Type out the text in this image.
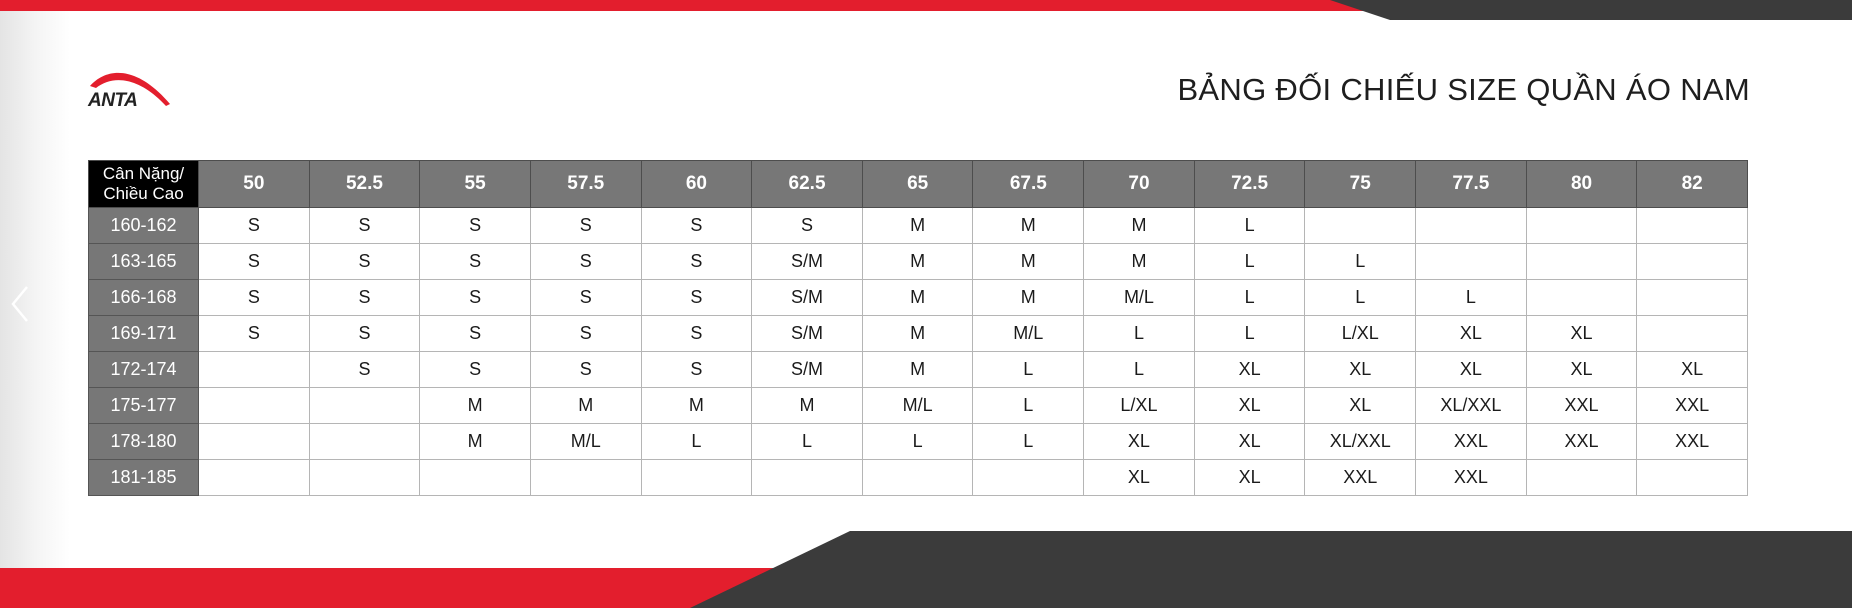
ANTA	BẢNG ĐỐI CHIẾU SIZE QUẦN ÁO NAM
Cân Nặng/
Chiều Cao	50	52.5	55	57.5	60	62.5	65	67.5	70	72.5	75	77.5	80	82
160-162	S	S	S	S	S	S	M	M	M	L				
163-165	S	S	S	S	S	S/M	M	M	M	L	L			
166-168	S	S	S	S	S	S/M	M	M	M/L	L	L	L		
169-171	S	S	S	S	S	S/M	M	M/L	L	L	L/XL	XL	XL	
172-174		S	S	S	S	S/M	M	L	L	XL	XL	XL	XL	XL
175-177			M	M	M	M	M/L	L	L/XL	XL	XL	XL/XXL	XXL	XXL
178-180			M	M/L	L	L	L	L	XL	XL	XL/XXL	XXL	XXL	XXL
181-185									XL	XL	XXL	XXL		
